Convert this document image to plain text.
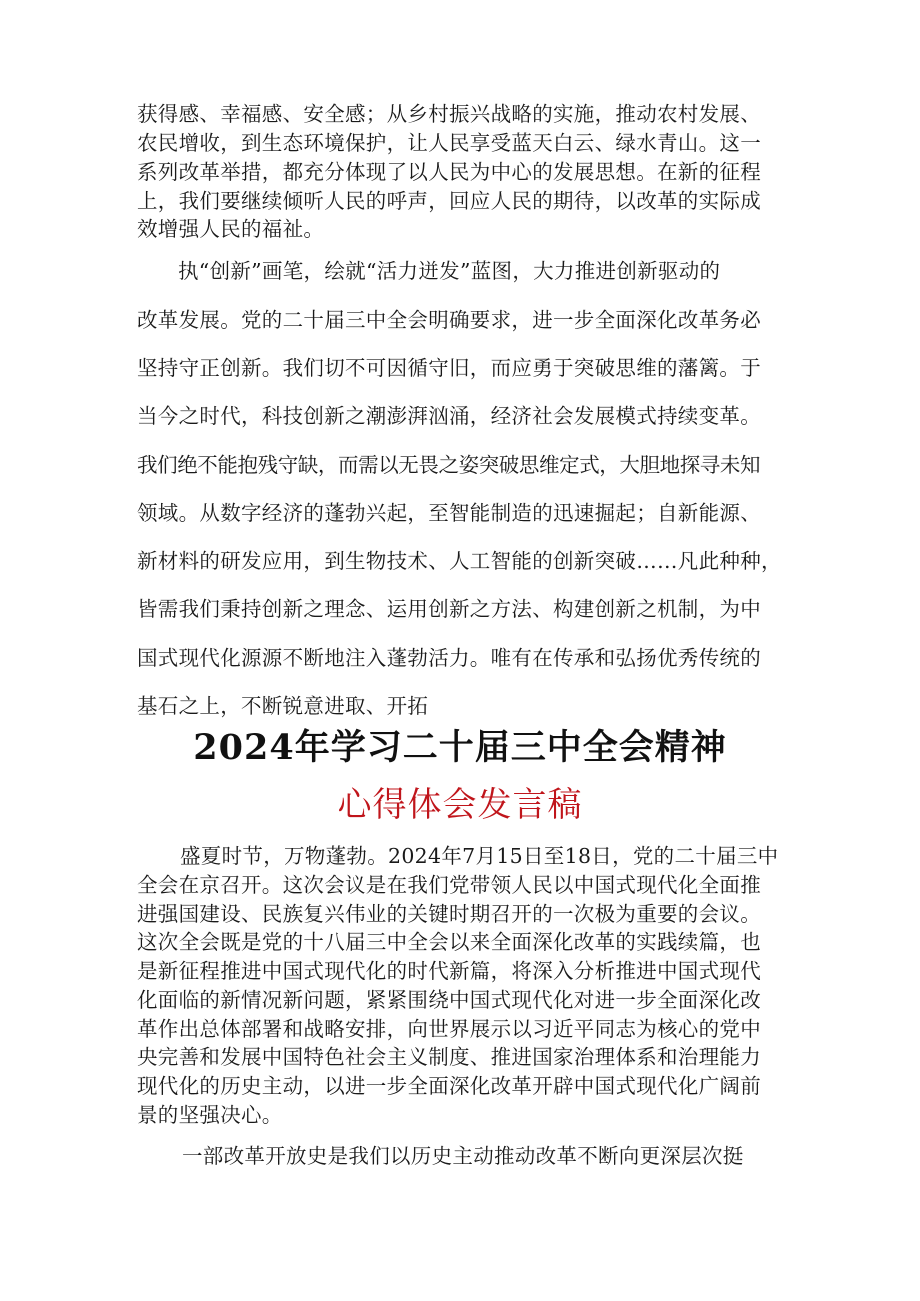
获得感、幸福感、安全感；从乡村振兴战略的实施，推动农村发展、
农民增收，到生态环境保护，让人民享受蓝天白云、绿水青山。这一
系列改革举措，都充分体现了以人民为中心的发展思想。在新的征程
上，我们要继续倾听人民的呼声，回应人民的期待，以改革的实际成
效增强人民的福祉。
执“创新”画笔，绘就“活力迸发”蓝图，大力推进创新驱动的
改革发展。党的二十届三中全会明确要求，进一步全面深化改革务必
坚持守正创新。我们切不可因循守旧，而应勇于突破思维的藩篱。于
当今之时代，科技创新之潮澎湃汹涌，经济社会发展模式持续变革。
我们绝不能抱残守缺，而需以无畏之姿突破思维定式，大胆地探寻未知
领域。从数字经济的蓬勃兴起，至智能制造的迅速掘起；自新能源、
新材料的研发应用，到生物技术、人工智能的创新突破……凡此种种，
皆需我们秉持创新之理念、运用创新之方法、构建创新之机制，为中
国式现代化源源不断地注入蓬勃活力。唯有在传承和弘扬优秀传统的
基石之上，不断锐意进取、开拓
2024年学习二十届三中全会精神
心得体会发言稿
盛夏时节，万物蓬勃。2024年7月15日至18日，党的二十届三中
全会在京召开。这次会议是在我们党带领人民以中国式现代化全面推
进强国建设、民族复兴伟业的关键时期召开的一次极为重要的会议。
这次全会既是党的十八届三中全会以来全面深化改革的实践续篇，也
是新征程推进中国式现代化的时代新篇，将深入分析推进中国式现代
化面临的新情况新问题，紧紧围绕中国式现代化对进一步全面深化改
革作出总体部署和战略安排，向世界展示以习近平同志为核心的党中
央完善和发展中国特色社会主义制度、推进国家治理体系和治理能力
现代化的历史主动，以进一步全面深化改革开辟中国式现代化广阔前
景的坚强决心。
一部改革开放史是我们以历史主动推动改革不断向更深层次挺
